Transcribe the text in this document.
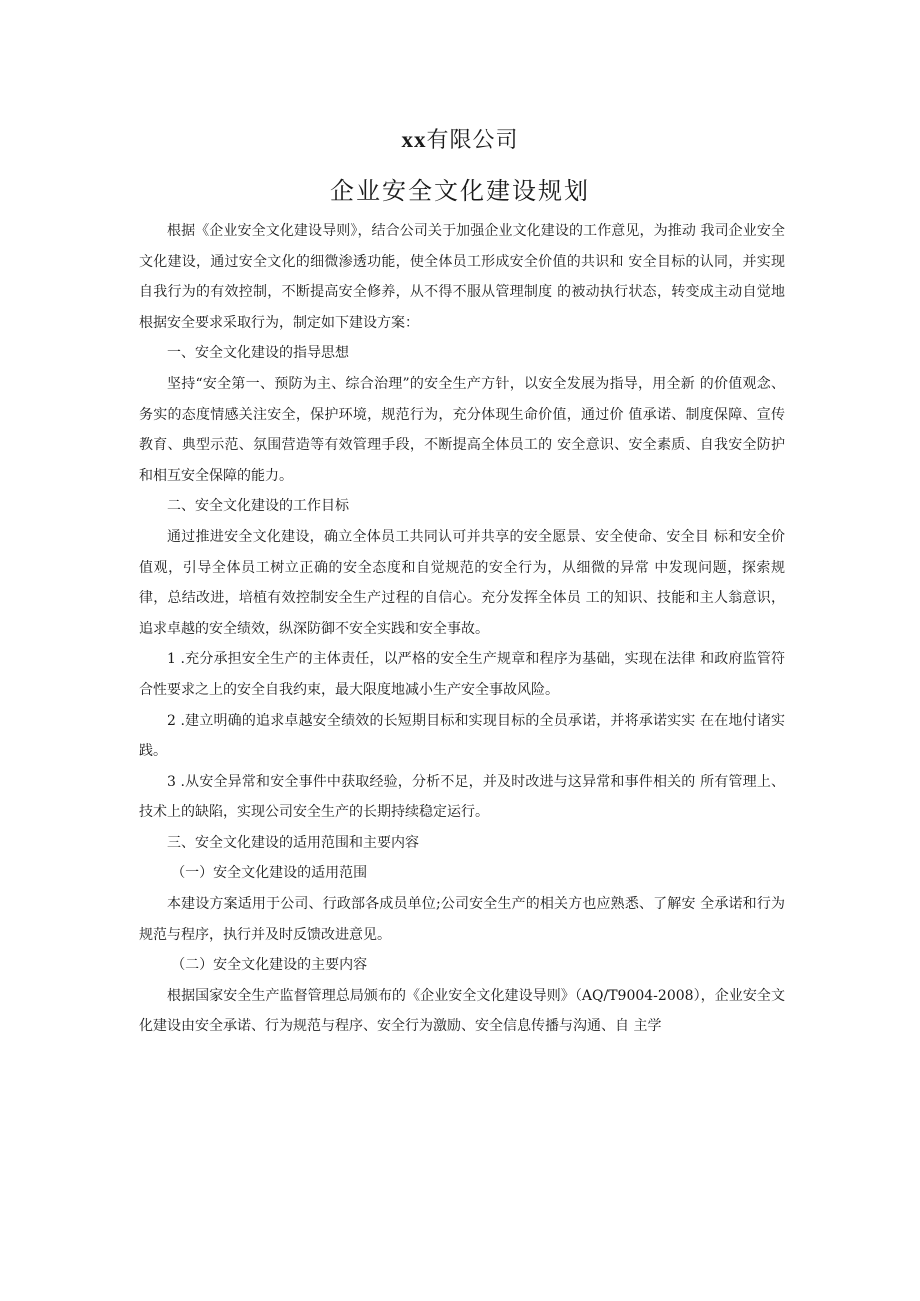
xx有限公司
企业安全文化建设规划

根据《企业安全文化建设导则》，结合公司关于加强企业文化建设的工作意见，为推动 我司企业安全文化建设，通过安全文化的细微渗透功能，使全体员工形成安全价值的共识和 安全目标的认同，并实现自我行为的有效控制，不断提高安全修养，从不得不服从管理制度 的被动执行状态，转变成主动自觉地根据安全要求采取行为，制定如下建设方案：

一、安全文化建设的指导思想

坚持“安全第一、预防为主、综合治理”的安全生产方针，以安全发展为指导，用全新 的价值观念、务实的态度情感关注安全，保护环境，规范行为，充分体现生命价值，通过价 值承诺、制度保障、宣传教育、典型示范、氛围营造等有效管理手段，不断提高全体员工的 安全意识、安全素质、自我安全防护和相互安全保障的能力。

二、安全文化建设的工作目标

通过推进安全文化建设，确立全体员工共同认可并共享的安全愿景、安全使命、安全目 标和安全价值观，引导全体员工树立正确的安全态度和自觉规范的安全行为，从细微的异常 中发现问题，探索规律，总结改进，培植有效控制安全生产过程的自信心。充分发挥全体员 工的知识、技能和主人翁意识，追求卓越的安全绩效，纵深防御不安全实践和安全事故。

1 .充分承担安全生产的主体责任，以严格的安全生产规章和程序为基础，实现在法律 和政府监管符合性要求之上的安全自我约束，最大限度地减小生产安全事故风险。

2 .建立明确的追求卓越安全绩效的长短期目标和实现目标的全员承诺，并将承诺实实 在在地付诸实践。

3 .从安全异常和安全事件中获取经验，分析不足，并及时改进与这异常和事件相关的 所有管理上、技术上的缺陷，实现公司安全生产的长期持续稳定运行。

三、安全文化建设的适用范围和主要内容

（一）安全文化建设的适用范围

本建设方案适用于公司、行政部各成员单位;公司安全生产的相关方也应熟悉、了解安 全承诺和行为规范与程序，执行并及时反馈改进意见。

（二）安全文化建设的主要内容

根据国家安全生产监督管理总局颁布的《企业安全文化建设导则》（AQ/T9004-2008），企业安全文化建设由安全承诺、行为规范与程序、安全行为激励、安全信息传播与沟通、自 主学
